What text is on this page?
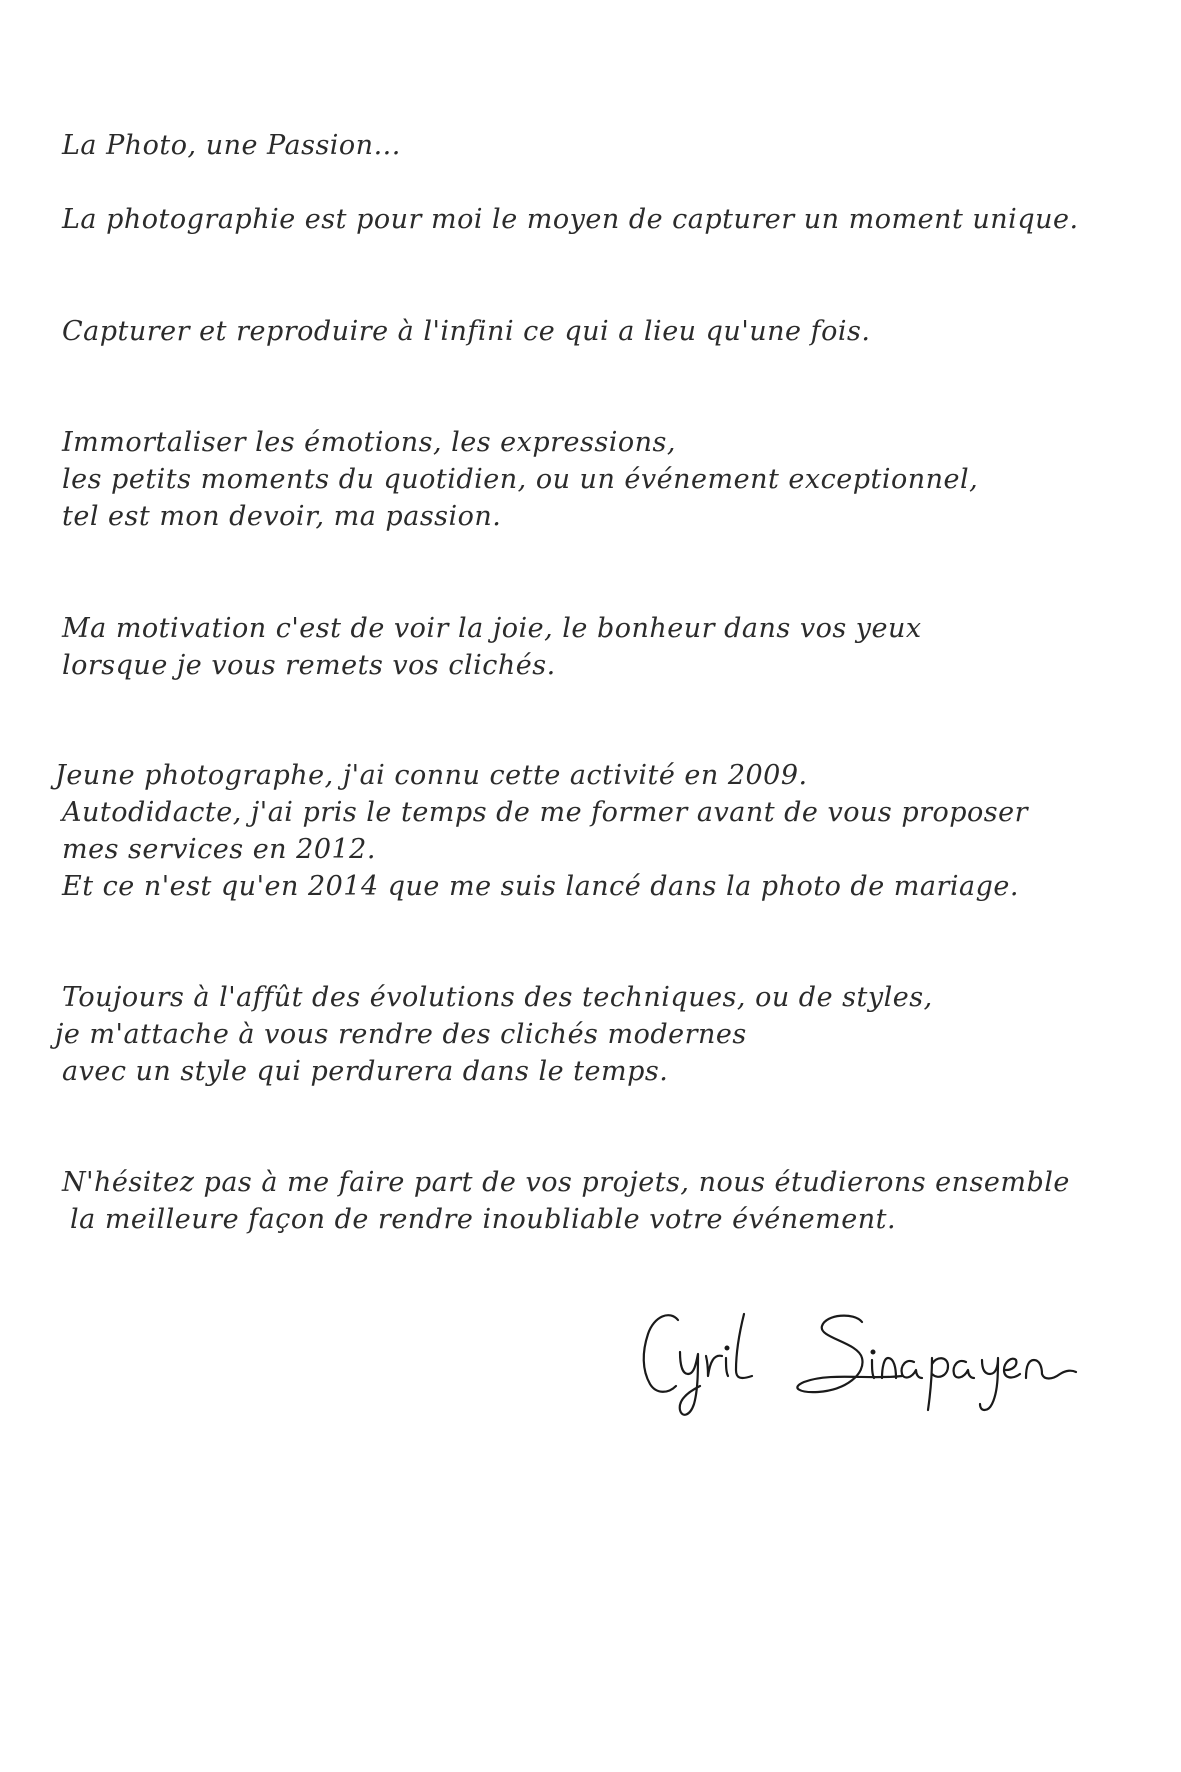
La Photo, une Passion...
La photographie est pour moi le moyen de capturer un moment unique.
Capturer et reproduire à l'infini ce qui a lieu qu'une fois.
Immortaliser les émotions, les expressions,
les petits moments du quotidien, ou un événement exceptionnel,
tel est mon devoir, ma passion.
Ma motivation c'est de voir la joie, le bonheur dans vos yeux
lorsque je vous remets vos clichés.
Jeune photographe, j'ai connu cette activité en 2009.
Autodidacte, j'ai pris le temps de me former avant de vous proposer
mes services en 2012.
Et ce n'est qu'en 2014 que me suis lancé dans la photo de mariage.
Toujours à l'affût des évolutions des techniques, ou de styles,
je m'attache à vous rendre des clichés modernes
avec un style qui perdurera dans le temps.
N'hésitez pas à me faire part de vos projets, nous étudierons ensemble
la meilleure façon de rendre inoubliable votre événement.
